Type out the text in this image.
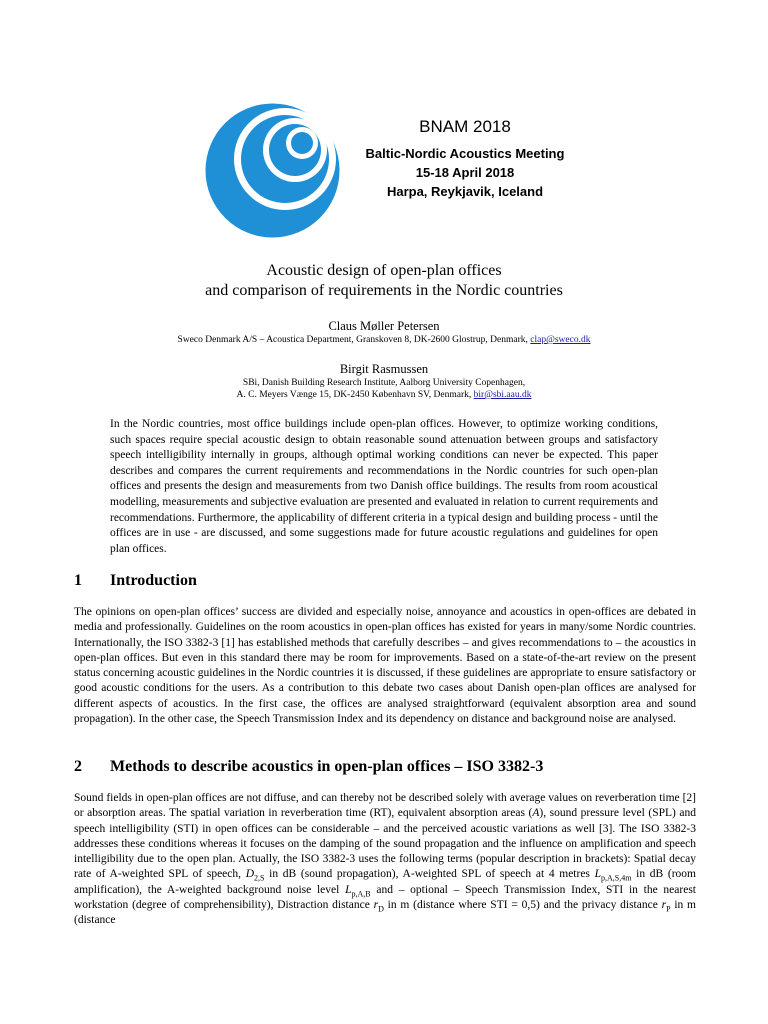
BNAM 2018
Baltic-Nordic Acoustics Meeting
15-18 April 2018
Harpa, Reykjavik, Iceland
Acoustic design of open-plan offices
and comparison of requirements in the Nordic countries
Claus Møller Petersen
Sweco Denmark A/S – Acoustica Department, Granskoven 8, DK-2600 Glostrup, Denmark, clap@sweco.dk
Birgit Rasmussen
SBi, Danish Building Research Institute, Aalborg University Copenhagen,
A. C. Meyers Vænge 15, DK-2450 København SV, Denmark, bir@sbi.aau.dk
In the Nordic countries, most office buildings include open-plan offices. However, to optimize working conditions, such spaces require special acoustic design to obtain reasonable sound attenuation between groups and satisfactory speech intelligibility internally in groups, although optimal working conditions can never be expected. This paper describes and compares the current requirements and recommendations in the Nordic countries for such open-plan offices and presents the design and measurements from two Danish office buildings. The results from room acoustical modelling, measurements and subjective evaluation are presented and evaluated in relation to current requirements and recommendations. Furthermore, the applicability of different criteria in a typical design and building process - until the offices are in use - are discussed, and some suggestions made for future acoustic regulations and guidelines for open plan offices.
1 Introduction
The opinions on open-plan offices’ success are divided and especially noise, annoyance and acoustics in open-offices are debated in media and professionally. Guidelines on the room acoustics in open-plan offices has existed for years in many/some Nordic countries. Internationally, the ISO 3382-3 [1] has established methods that carefully describes – and gives recommendations to – the acoustics in open-plan offices. But even in this standard there may be room for improvements. Based on a state-of-the-art review on the present status concerning acoustic guidelines in the Nordic countries it is discussed, if these guidelines are appropriate to ensure satisfactory or good acoustic conditions for the users. As a contribution to this debate two cases about Danish open-plan offices are analysed for different aspects of acoustics. In the first case, the offices are analysed straightforward (equivalent absorption area and sound propagation). In the other case, the Speech Transmission Index and its dependency on distance and background noise are analysed.
2 Methods to describe acoustics in open-plan offices – ISO 3382-3
Sound fields in open-plan offices are not diffuse, and can thereby not be described solely with average values on reverberation time [2] or absorption areas. The spatial variation in reverberation time (RT), equivalent absorption areas (A), sound pressure level (SPL) and speech intelligibility (STI) in open offices can be considerable – and the perceived acoustic variations as well [3]. The ISO 3382-3 addresses these conditions whereas it focuses on the damping of the sound propagation and the influence on amplification and speech intelligibility due to the open plan. Actually, the ISO 3382-3 uses the following terms (popular description in brackets): Spatial decay rate of A-weighted SPL of speech, $D_{2,S}$ in dB (sound propagation), A-weighted SPL of speech at 4 metres $L_{p,A,S,4m}$ in dB (room amplification), the A-weighted background noise level $L_{p,A,B}$ and – optional – Speech Transmission Index, STI in the nearest workstation (degree of comprehensibility), Distraction distance $r_D$ in m (distance where STI = 0,5) and the privacy distance $r_P$ in m (distance
